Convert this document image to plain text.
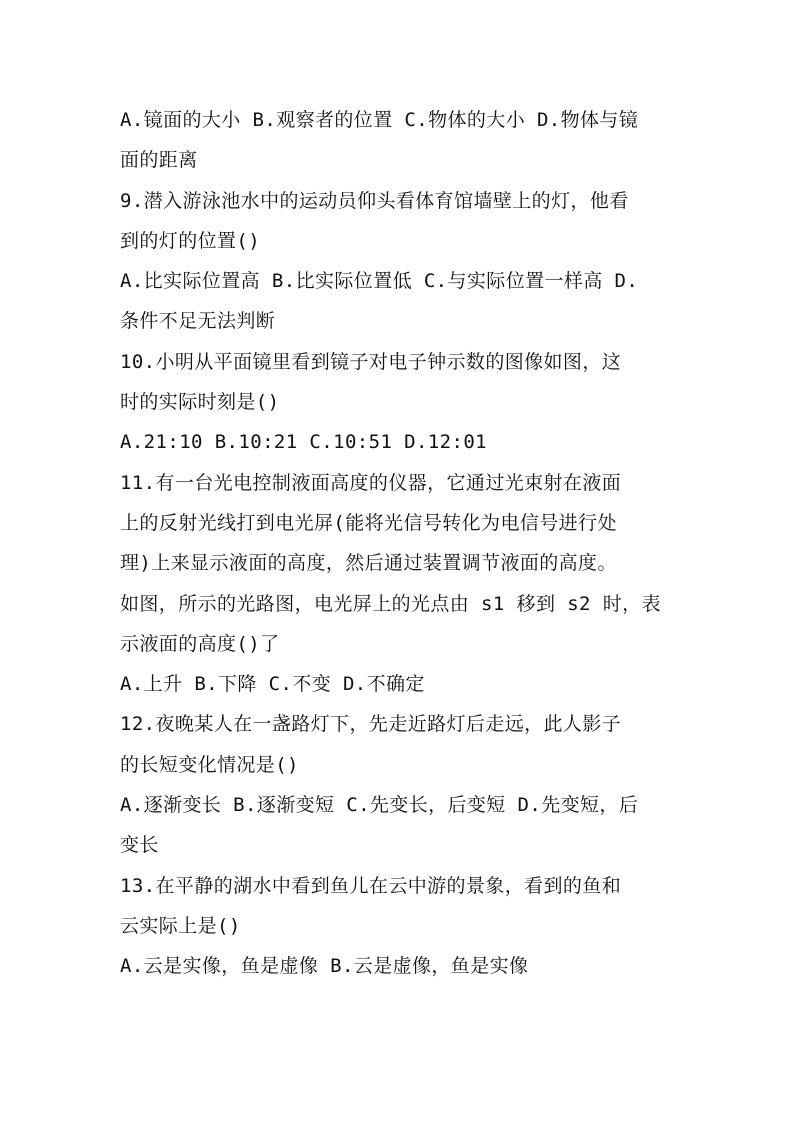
A.镜面的大小 B.观察者的位置 C.物体的大小 D.物体与镜
面的距离
9.潜入游泳池水中的运动员仰头看体育馆墙壁上的灯，他看
到的灯的位置()
A.比实际位置高 B.比实际位置低 C.与实际位置一样高 D.
条件不足无法判断
10.小明从平面镜里看到镜子对电子钟示数的图像如图，这
时的实际时刻是()
A.21:10 B.10:21 C.10:51 D.12:01
11.有一台光电控制液面高度的仪器，它通过光束射在液面
上的反射光线打到电光屏(能将光信号转化为电信号进行处
理)上来显示液面的高度，然后通过装置调节液面的高度。
如图，所示的光路图，电光屏上的光点由 s1 移到 s2 时，表
示液面的高度()了
A.上升 B.下降 C.不变 D.不确定
12.夜晚某人在一盏路灯下，先走近路灯后走远，此人影子
的长短变化情况是()
A.逐渐变长 B.逐渐变短 C.先变长，后变短 D.先变短，后
变长
13.在平静的湖水中看到鱼儿在云中游的景象，看到的鱼和
云实际上是()
A.云是实像，鱼是虚像 B.云是虚像，鱼是实像
